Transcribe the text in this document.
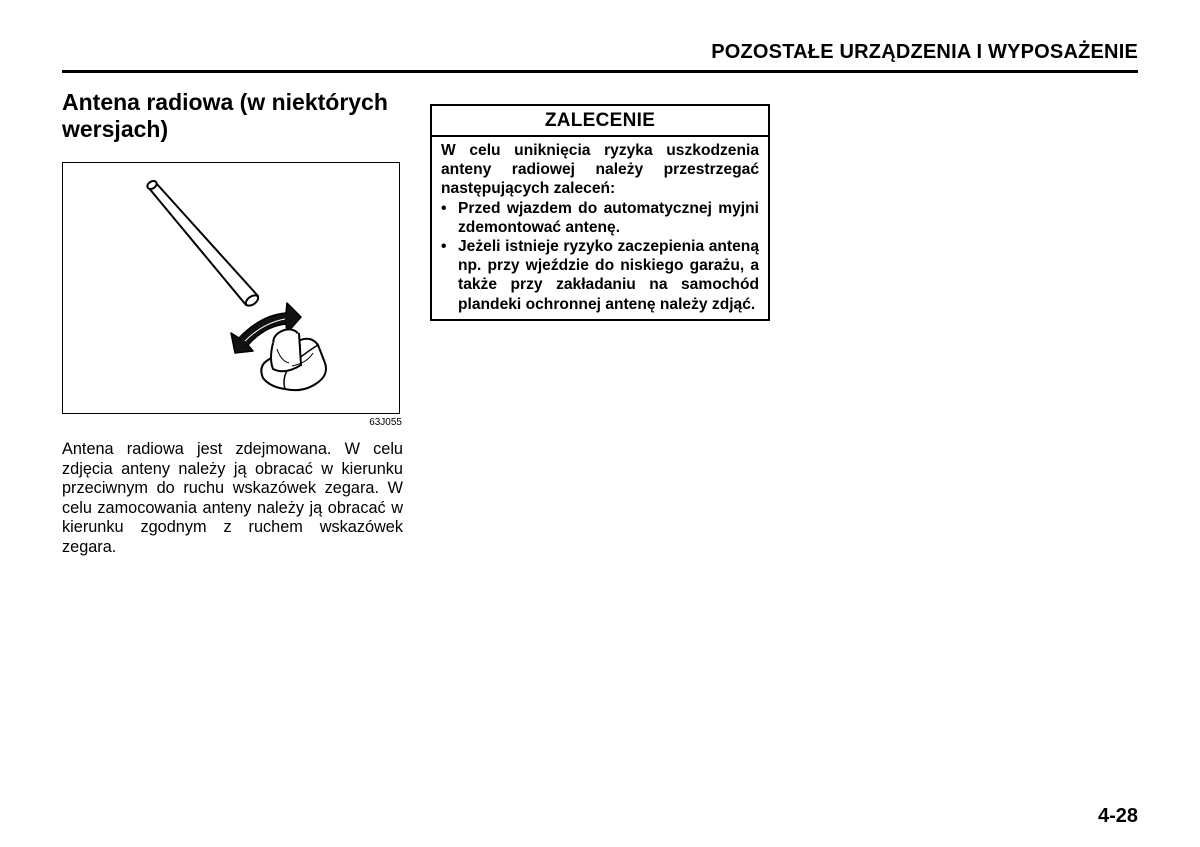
POZOSTAŁE URZĄDZENIA I WYPOSAŻENIE
Antena radiowa (w niektórych wersjach)
63J055

Antena radiowa jest zdejmowana. W celu zdjęcia anteny należy ją obracać w kierunku przeciwnym do ruchu wskazówek zegara. W celu zamocowania anteny należy ją obracać w kierunku zgodnym z ruchem wskazówek zegara.

ZALECENIE

W celu uniknięcia ryzyka uszkodzenia anteny radiowej należy przestrzegać następujących zaleceń:

• Przed wjazdem do automatycznej myjni zdemontować antenę.
• Jeżeli istnieje ryzyko zaczepienia anteną np. przy wjeździe do niskiego garażu, a także przy zakładaniu na samochód plandeki ochronnej antenę należy zdjąć.
4-28
